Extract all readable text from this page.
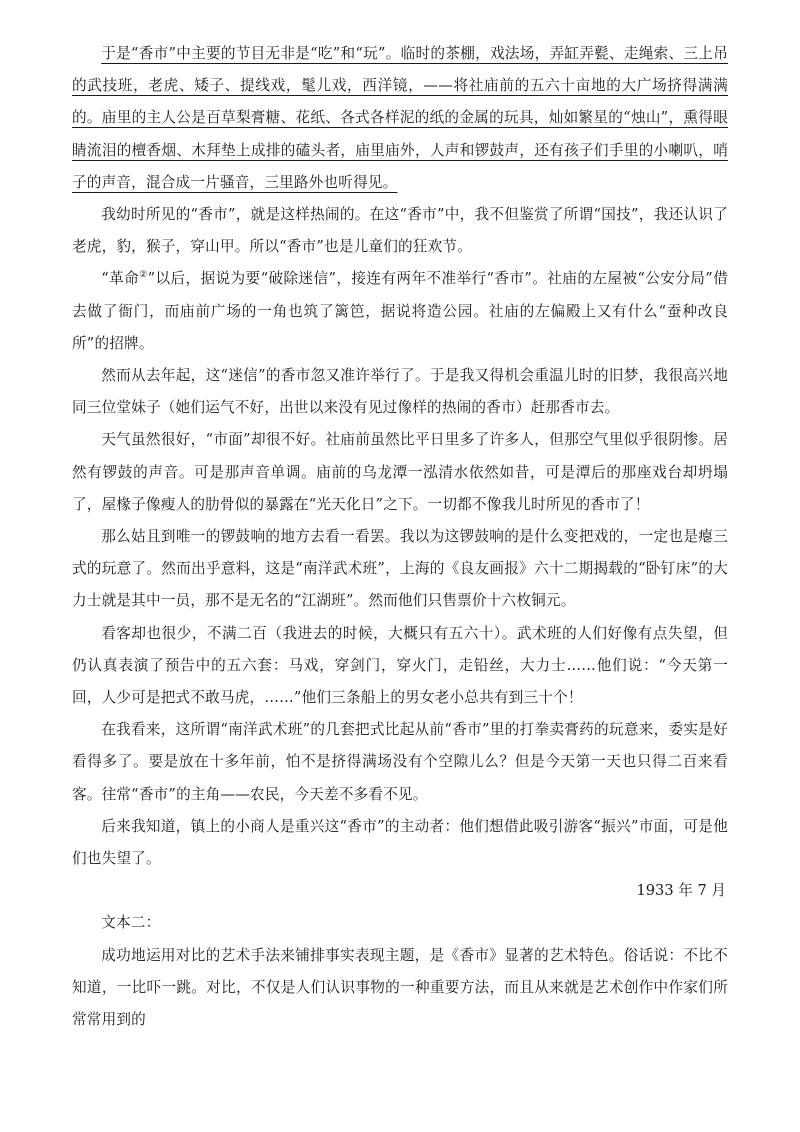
于是“香市”中主要的节目无非是“吃”和“玩”。临时的茶棚，戏法场，弄缸弄甏、走绳索、三上吊的武技班，老虎、矮子、提线戏，髦儿戏，西洋镜，——将社庙前的五六十亩地的大广场挤得满满的。庙里的主人公是百草梨膏糖、花纸、各式各样泥的纸的金属的玩具，灿如繁星的“烛山”，熏得眼睛流泪的檀香烟、木拜垫上成排的磕头者，庙里庙外，人声和锣鼓声，还有孩子们手里的小喇叭，哨子的声音，混合成一片骚音，三里路外也听得见。

我幼时所见的“香市”，就是这样热闹的。在这“香市”中，我不但鉴赏了所谓“国技”，我还认识了老虎，豹，猴子，穿山甲。所以“香市”也是儿童们的狂欢节。

“革命②”以后，据说为要“破除迷信”，接连有两年不准举行“香市”。社庙的左屋被“公安分局”借去做了衙门，而庙前广场的一角也筑了篱笆，据说将造公园。社庙的左偏殿上又有什么“蚕种改良所”的招牌。

然而从去年起，这“迷信”的香市忽又准许举行了。于是我又得机会重温儿时的旧梦，我很高兴地同三位堂妹子（她们运气不好，出世以来没有见过像样的热闹的香市）赶那香市去。

天气虽然很好，“市面”却很不好。社庙前虽然比平日里多了许多人，但那空气里似乎很阴惨。居然有锣鼓的声音。可是那声音单调。庙前的乌龙潭一泓清水依然如昔，可是潭后的那座戏台却坍塌了，屋椽子像瘦人的肋骨似的暴露在“光天化日”之下。一切都不像我儿时所见的香市了！

那么姑且到唯一的锣鼓响的地方去看一看罢。我以为这锣鼓响的是什么变把戏的，一定也是瘪三式的玩意了。然而出乎意料，这是“南洋武术班”，上海的《良友画报》六十二期揭载的“卧钉床”的大力士就是其中一员，那不是无名的“江湖班”。然而他们只售票价十六枚铜元。

看客却也很少，不满二百（我进去的时候，大概只有五六十）。武术班的人们好像有点失望，但仍认真表演了预告中的五六套：马戏，穿剑门，穿火门，走铅丝，大力士……他们说：“今天第一回，人少可是把式不敢马虎，……”他们三条船上的男女老小总共有到三十个！

在我看来，这所谓“南洋武术班”的几套把式比起从前“香市”里的打拳卖膏药的玩意来，委实是好看得多了。要是放在十多年前，怕不是挤得满场没有个空隙儿么？但是今天第一天也只得二百来看客。往常“香市”的主角——农民，今天差不多看不见。

后来我知道，镇上的小商人是重兴这“香市”的主动者：他们想借此吸引游客“振兴”市面，可是他们也失望了。

1933 年 7 月

文本二：

成功地运用对比的艺术手法来铺排事实表现主题，是《香市》显著的艺术特色。俗话说：不比不知道，一比吓一跳。对比，不仅是人们认识事物的一种重要方法，而且从来就是艺术创作中作家们所常常用到的
